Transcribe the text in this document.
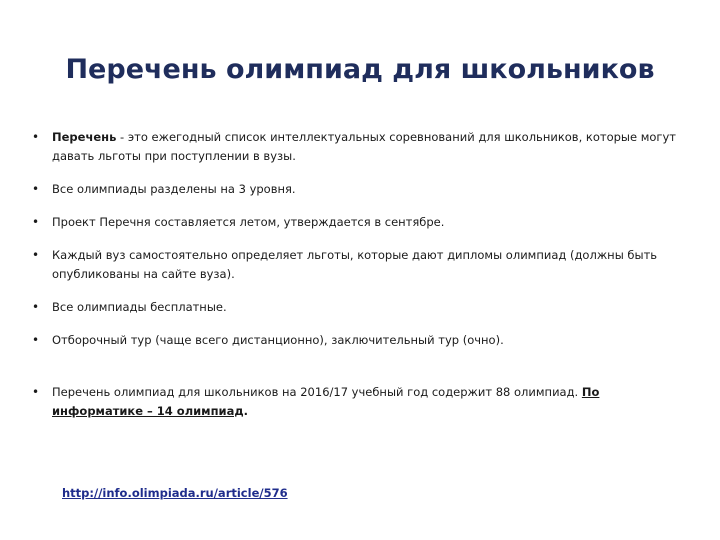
Перечень олимпиад для школьников
• Перечень - это ежегодный список интеллектуальных соревнований для школьников, которые могут давать льготы при поступлении в вузы.
• Все олимпиады разделены на 3 уровня.
• Проект Перечня составляется летом, утверждается в сентябре.
• Каждый вуз самостоятельно определяет льготы, которые дают дипломы олимпиад (должны быть опубликованы на сайте вуза).
• Все олимпиады бесплатные.
• Отборочный тур (чаще всего дистанционно), заключительный тур (очно).
• Перечень олимпиад для школьников на 2016/17 учебный год содержит 88 олимпиад. По информатике – 14 олимпиад.
http://info.olimpiada.ru/article/576
